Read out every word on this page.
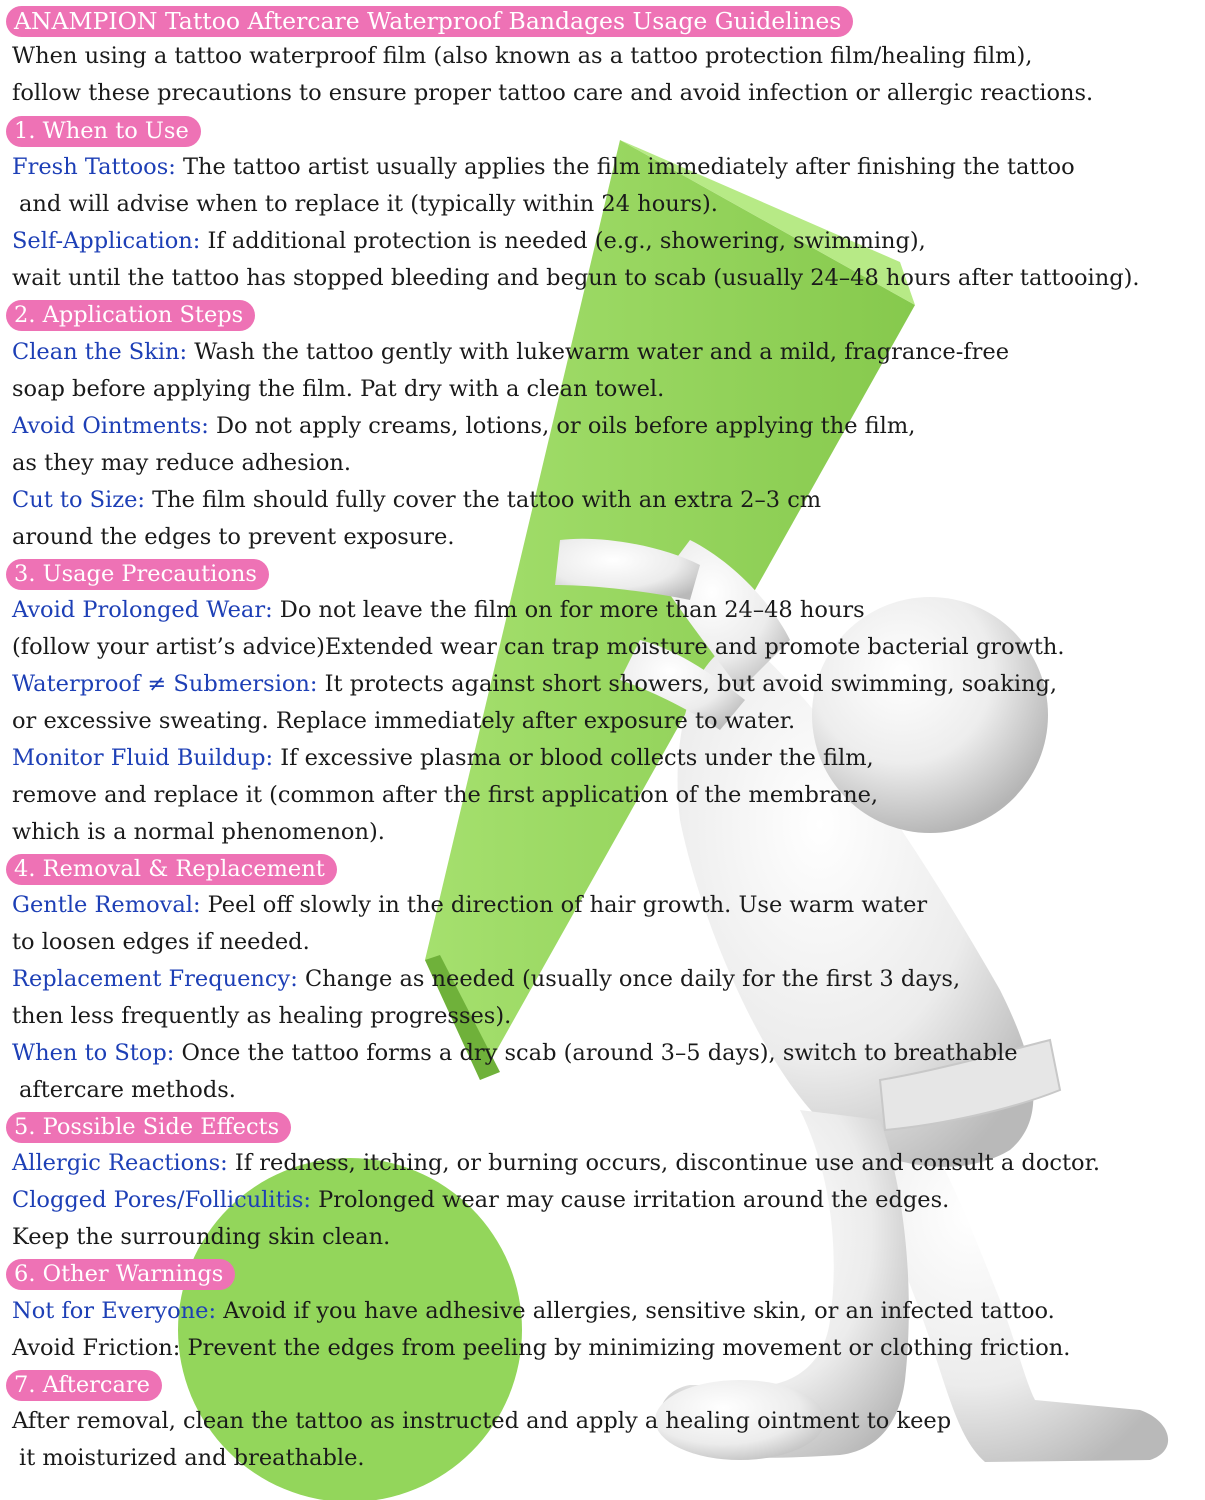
ANAMPION Tattoo Aftercare Waterproof Bandages Usage Guidelines
When using a tattoo waterproof film (also known as a tattoo protection film/healing film),
follow these precautions to ensure proper tattoo care and avoid infection or allergic reactions.
1. When to Use
Fresh Tattoos: The tattoo artist usually applies the film immediately after finishing the tattoo
and will advise when to replace it (typically within 24 hours).
Self-Application: If additional protection is needed (e.g., showering, swimming),
wait until the tattoo has stopped bleeding and begun to scab (usually 24–48 hours after tattooing).
2. Application Steps
Clean the Skin: Wash the tattoo gently with lukewarm water and a mild, fragrance-free
soap before applying the film. Pat dry with a clean towel.
Avoid Ointments: Do not apply creams, lotions, or oils before applying the film,
as they may reduce adhesion.
Cut to Size: The film should fully cover the tattoo with an extra 2–3 cm
around the edges to prevent exposure.
3. Usage Precautions
Avoid Prolonged Wear: Do not leave the film on for more than 24–48 hours
(follow your artist’s advice)Extended wear can trap moisture and promote bacterial growth.
Waterproof ≠ Submersion: It protects against short showers, but avoid swimming, soaking,
or excessive sweating. Replace immediately after exposure to water.
Monitor Fluid Buildup: If excessive plasma or blood collects under the film,
remove and replace it (common after the first application of the membrane,
which is a normal phenomenon).
4. Removal & Replacement
Gentle Removal: Peel off slowly in the direction of hair growth. Use warm water
to loosen edges if needed.
Replacement Frequency: Change as needed (usually once daily for the first 3 days,
then less frequently as healing progresses).
When to Stop: Once the tattoo forms a dry scab (around 3–5 days), switch to breathable
aftercare methods.
5. Possible Side Effects
Allergic Reactions: If redness, itching, or burning occurs, discontinue use and consult a doctor.
Clogged Pores/Folliculitis: Prolonged wear may cause irritation around the edges.
Keep the surrounding skin clean.
6. Other Warnings
Not for Everyone: Avoid if you have adhesive allergies, sensitive skin, or an infected tattoo.
Avoid Friction: Prevent the edges from peeling by minimizing movement or clothing friction.
7. Aftercare
After removal, clean the tattoo as instructed and apply a healing ointment to keep
it moisturized and breathable.
